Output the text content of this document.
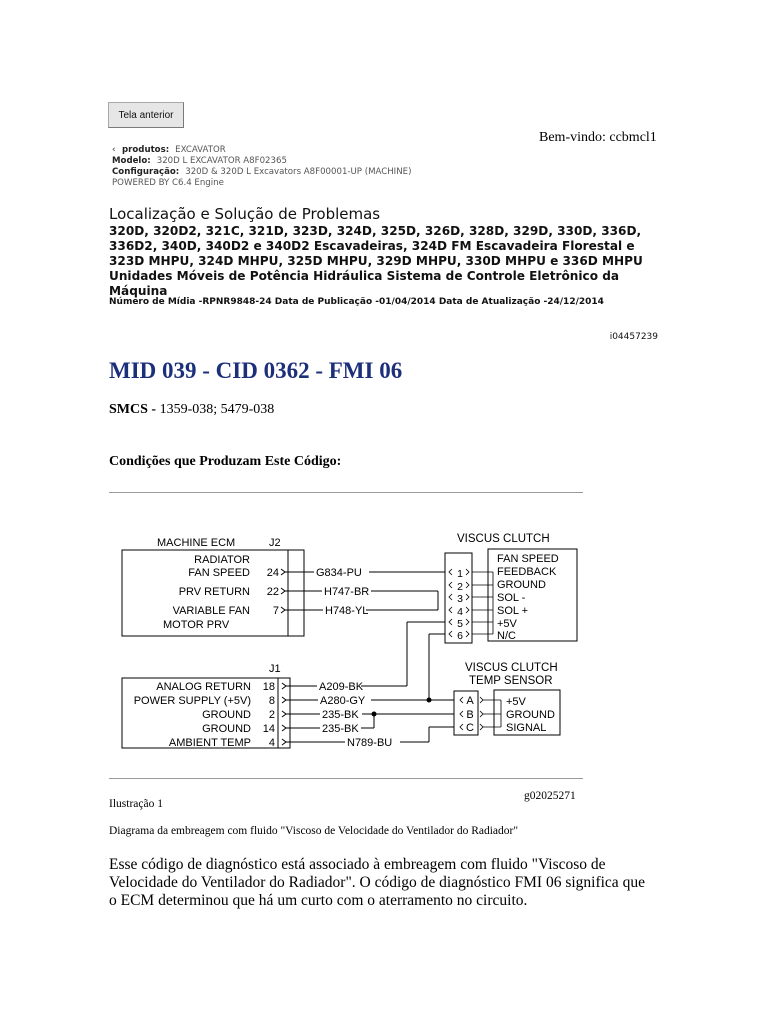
Tela anterior
Bem-vindo: ccbmcl1
‹ produtos: EXCAVATOR
Modelo: 320D L EXCAVATOR A8F02365
Configuração: 320D & 320D L Excavators A8F00001-UP (MACHINE)
POWERED BY C6.4 Engine
Localização e Solução de Problemas
320D, 320D2, 321C, 321D, 323D, 324D, 325D, 326D, 328D, 329D, 330D, 336D, 336D2, 340D, 340D2 e 340D2 Escavadeiras, 324D FM Escavadeira Florestal e 323D MHPU, 324D MHPU, 325D MHPU, 329D MHPU, 330D MHPU e 336D MHPU Unidades Móveis de Potência Hidráulica Sistema de Controle Eletrônico da Máquina
Número de Mídia -RPNR9848-24 Data de Publicação -01/04/2014 Data de Atualização -24/12/2014
i04457239
MID 039 - CID 0362 - FMI 06
SMCS - 1359-038; 5479-038
Condições que Produzam Este Código:
MACHINE ECM	J2
RADIATOR
FAN SPEED
PRV RETURN
VARIABLE FAN
MOTOR PRV
24
22
7
G834-PU
H747-BR
H748-YL
VISCUS CLUTCH
1
2
3
4
5
6
FAN SPEED
FEEDBACK
GROUND
SOL -
SOL +
+5V
N/C
J1
ANALOG RETURN
POWER SUPPLY (+5V)
GROUND
GROUND
AMBIENT TEMP
18
8
2
14
4
A209-BK
A280-GY
235-BK
235-BK
N789-BU
VISCUS CLUTCH
TEMP SENSOR
A
B
C
+5V
GROUND
SIGNAL
g02025271
Ilustração 1
Diagrama da embreagem com fluido "Viscoso de Velocidade do Ventilador do Radiador"
Esse código de diagnóstico está associado à embreagem com fluido "Viscoso de Velocidade do Ventilador do Radiador". O código de diagnóstico FMI 06 significa que o ECM determinou que há um curto com o aterramento no circuito.
